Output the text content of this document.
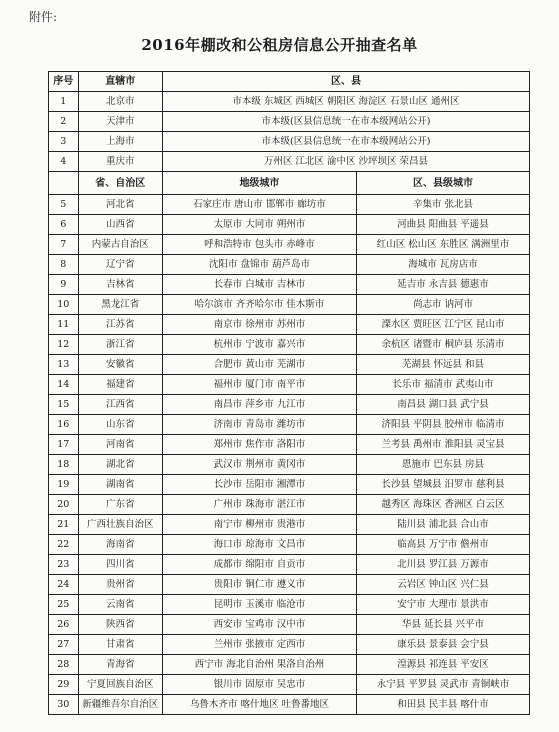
附件:
2016年棚改和公租房信息公开抽查名单
序号	直辖市	区、县	
1	北京市	市本级 东城区 西城区 朝阳区 海淀区 石景山区 通州区	
2	天津市	市本级(区县信息统一在市本级网站公开)	
3	上海市	市本级(区县信息统一在市本级网站公开)	
4	重庆市	万州区 江北区 渝中区 沙坪坝区 荣昌县	
	省、自治区	地级城市	区、县级城市
5	河北省	石家庄市 唐山市 邯郸市 廊坊市	辛集市 张北县
6	山西省	太原市 大同市 朔州市	河曲县 阳曲县 平遥县
7	内蒙古自治区	呼和浩特市 包头市 赤峰市	红山区 松山区 东胜区 满洲里市
8	辽宁省	沈阳市 盘锦市 葫芦岛市	海城市 瓦房店市
9	吉林省	长春市 白城市 吉林市	延吉市 永吉县 德惠市
10	黑龙江省	哈尔滨市 齐齐哈尔市 佳木斯市	尚志市 讷河市
11	江苏省	南京市 徐州市 苏州市	溧水区 贾旺区 江宁区 昆山市
12	浙江省	杭州市 宁波市 嘉兴市	余杭区 诸暨市 桐庐县 乐清市
13	安徽省	合肥市 黄山市 芜湖市	芜湖县 怀远县 和县
14	福建省	福州市 厦门市 南平市	长乐市 福清市 武夷山市
15	江西省	南昌市 萍乡市 九江市	南昌县 湖口县 武宁县
16	山东省	济南市 青岛市 潍坊市	济阳县 平阴县 胶州市 临清市
17	河南省	郑州市 焦作市 洛阳市	兰考县 禹州市 淮阳县 灵宝县
18	湖北省	武汉市 荆州市 黄冈市	恩施市 巴东县 房县
19	湖南省	长沙市 岳阳市 湘潭市	长沙县 望城县 汨罗市 慈利县
20	广东省	广州市 珠海市 湛江市	越秀区 海珠区 香洲区 白云区
21	广西壮族自治区	南宁市 柳州市 贵港市	陆川县 浦北县 合山市
22	海南省	海口市 琼海市 文昌市	临高县 万宁市 儋州市
23	四川省	成都市 绵阳市 自贡市	北川县 罗江县 万源市
24	贵州省	贵阳市 铜仁市 遵义市	云岩区 钟山区 兴仁县
25	云南省	昆明市 玉溪市 临沧市	安宁市 大理市 景洪市
26	陕西省	西安市 宝鸡市 汉中市	华县 延长县 兴平市
27	甘肃省	兰州市 张掖市 定西市	康乐县 景泰县 会宁县
28	青海省	西宁市 海北自治州 果洛自治州	湟源县 祁连县 平安区
29	宁夏回族自治区	银川市 固原市 吴忠市	永宁县 平罗县 灵武市 青铜峡市
30	新疆维吾尔自治区	乌鲁木齐市 喀什地区 吐鲁番地区	和田县 民丰县 喀什市
